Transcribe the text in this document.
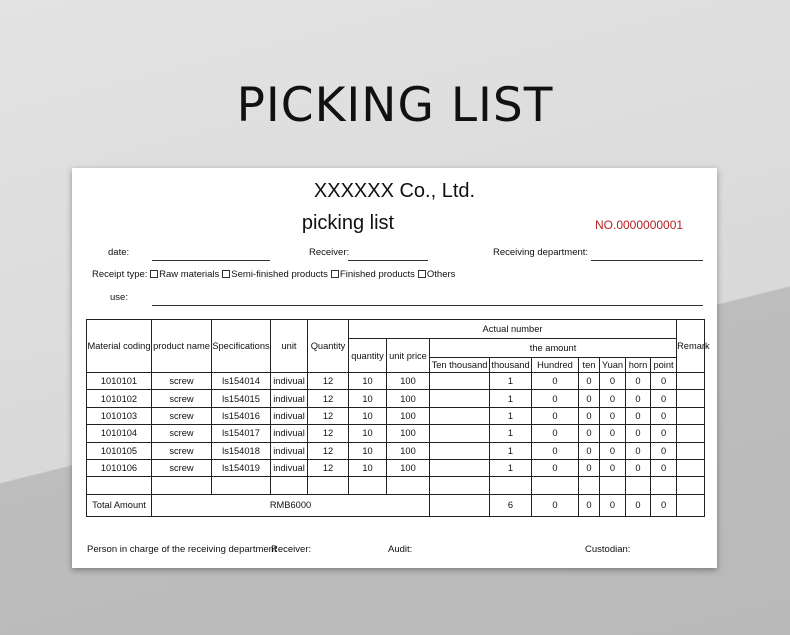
PICKING LIST
XXXXXX Co., Ltd.
picking list	NO.0000000001
date:	Receiver:	Receiving department:
Receipt type: Raw materials Semi-finished products Finished products Others
use:
Material coding	product name	Specifications	unit	Quantity	Actual number									Remark
					quantity	unit price	the amount							
							Ten thousand	thousand	Hundred	ten	Yuan	horn	point	
1010101	screw	ls154014	indivual	12	10	100		1	0	0	0	0	0	
1010102	screw	ls154015	indivual	12	10	100		1	0	0	0	0	0	
1010103	screw	ls154016	indivual	12	10	100		1	0	0	0	0	0	
1010104	screw	ls154017	indivual	12	10	100		1	0	0	0	0	0	
1010105	screw	ls154018	indivual	12	10	100		1	0	0	0	0	0	
1010106	screw	ls154019	indivual	12	10	100		1	0	0	0	0	0	

Total Amount	RMB6000							6	0	0	0	0	0	
Person in charge of the receiving department
Receiver:	Audit:	Custodian:
